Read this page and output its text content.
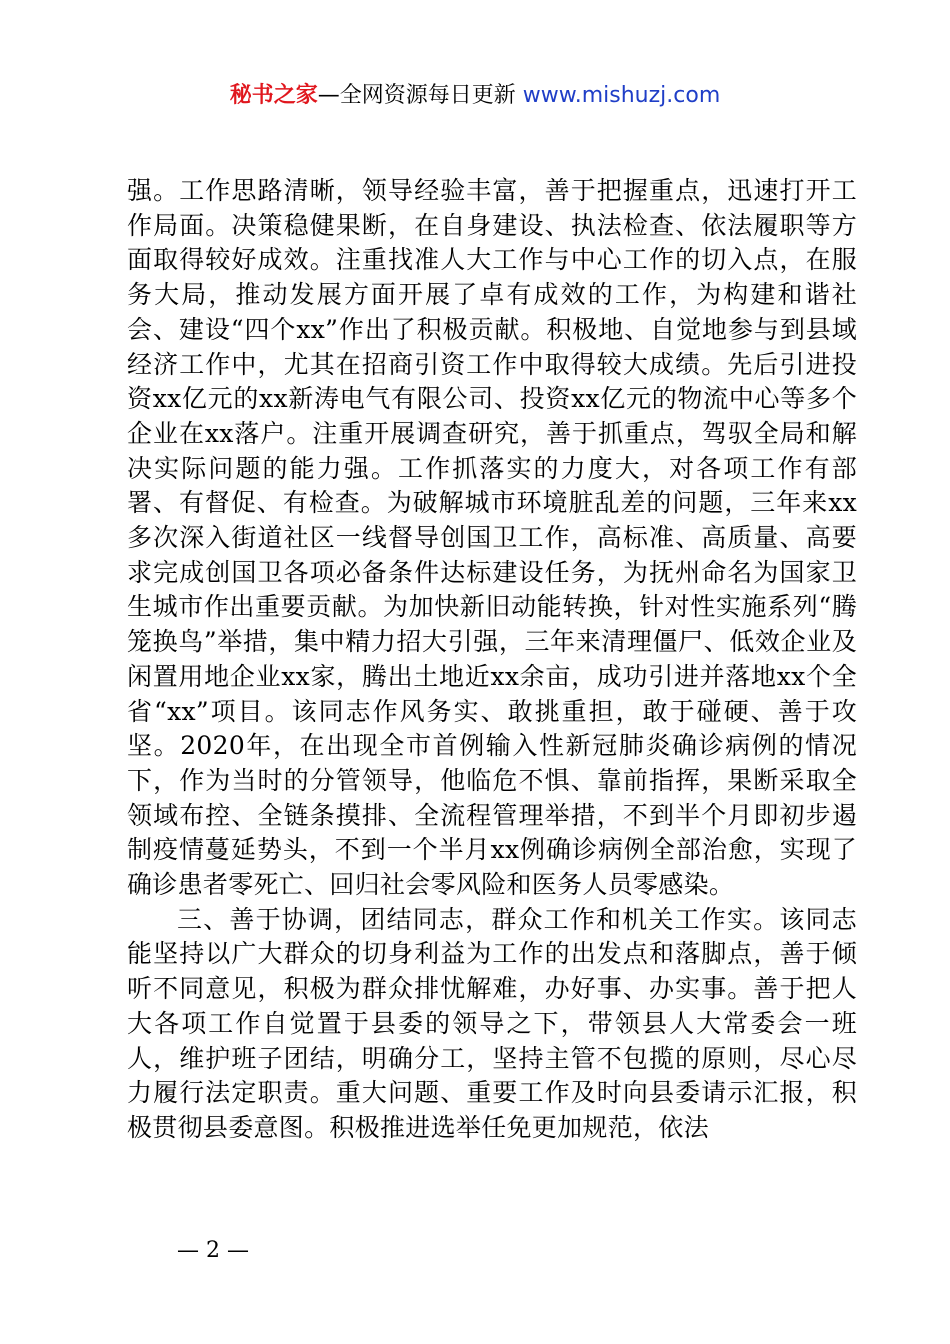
秘书之家—全网资源每日更新 www.mishuzj.com

强。工作思路清晰，领导经验丰富，善于把握重点，迅速打开工作局面。决策稳健果断，在自身建设、执法检查、依法履职等方面取得较好成效。注重找准人大工作与中心工作的切入点，在服务大局，推动发展方面开展了卓有成效的工作，为构建和谐社会、建设“四个xx”作出了积极贡献。积极地、自觉地参与到县域经济工作中，尤其在招商引资工作中取得较大成绩。先后引进投资xx亿元的xx新涛电气有限公司、投资xx亿元的物流中心等多个企业在xx落户。注重开展调查研究，善于抓重点，驾驭全局和解决实际问题的能力强。工作抓落实的力度大，对各项工作有部署、有督促、有检查。为破解城市环境脏乱差的问题，三年来xx多次深入街道社区一线督导创国卫工作，高标准、高质量、高要求完成创国卫各项必备条件达标建设任务，为抚州命名为国家卫生城市作出重要贡献。为加快新旧动能转换，针对性实施系列“腾笼换鸟”举措，集中精力招大引强，三年来清理僵尸、低效企业及闲置用地企业xx家，腾出土地近xx余亩，成功引进并落地xx个全省“xx”项目。该同志作风务实、敢挑重担，敢于碰硬、善于攻坚。2020年，在出现全市首例输入性新冠肺炎确诊病例的情况下，作为当时的分管领导，他临危不惧、靠前指挥，果断采取全领域布控、全链条摸排、全流程管理举措，不到半个月即初步遏制疫情蔓延势头，不到一个半月xx例确诊病例全部治愈，实现了确诊患者零死亡、回归社会零风险和医务人员零感染。

三、善于协调，团结同志，群众工作和机关工作实。该同志能坚持以广大群众的切身利益为工作的出发点和落脚点，善于倾听不同意见，积极为群众排忧解难，办好事、办实事。善于把人大各项工作自觉置于县委的领导之下，带领县人大常委会一班人，维护班子团结，明确分工，坚持主管不包揽的原则，尽心尽力履行法定职责。重大问题、重要工作及时向县委请示汇报，积极贯彻县委意图。积极推进选举任免更加规范，依法

— 2 —
